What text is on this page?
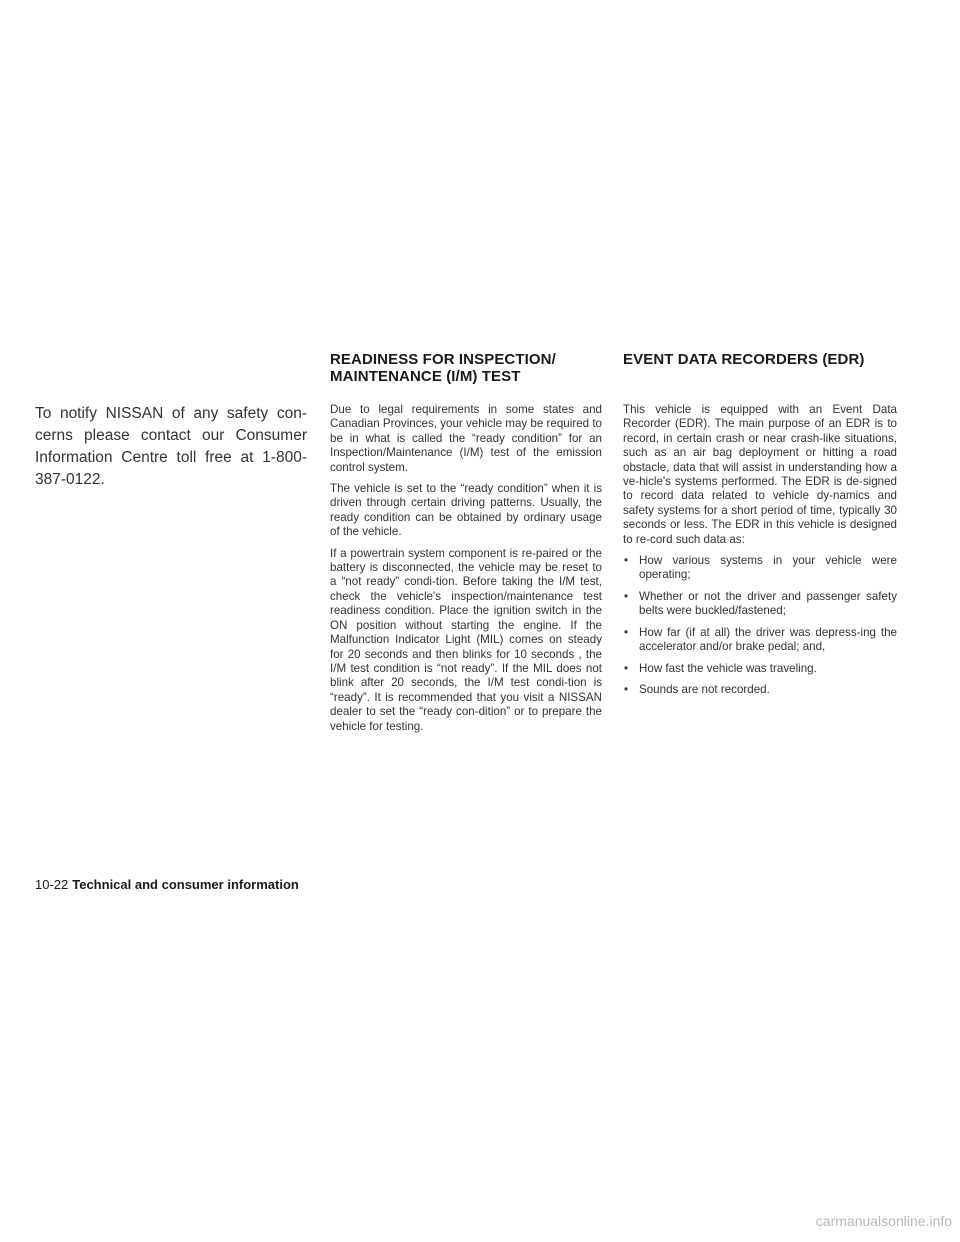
To notify NISSAN of any safety con-cerns please contact our Consumer Information Centre toll free at 1-800-387-0122.

READINESS FOR INSPECTION/
MAINTENANCE (I/M) TEST

Due to legal requirements in some states and Canadian Provinces, your vehicle may be required to be in what is called the “ready condition” for an Inspection/Maintenance (I/M) test of the emission control system.

The vehicle is set to the “ready condition” when it is driven through certain driving patterns. Usually, the ready condition can be obtained by ordinary usage of the vehicle.

If a powertrain system component is re-paired or the battery is disconnected, the vehicle may be reset to a “not ready” condi-tion. Before taking the I/M test, check the vehicle's inspection/maintenance test readiness condition. Place the ignition switch in the ON position without starting the engine. If the Malfunction Indicator Light (MIL) comes on steady for 20 seconds and then blinks for 10 seconds , the I/M test condition is “not ready”. If the MIL does not blink after 20 seconds, the I/M test condi-tion is “ready”. It is recommended that you visit a NISSAN dealer to set the “ready con-dition” or to prepare the vehicle for testing.

EVENT DATA RECORDERS (EDR)

This vehicle is equipped with an Event Data Recorder (EDR). The main purpose of an EDR is to record, in certain crash or near crash-like situations, such as an air bag deployment or hitting a road obstacle, data that will assist in understanding how a ve-hicle's systems performed. The EDR is de-signed to record data related to vehicle dy-namics and safety systems for a short period of time, typically 30 seconds or less. The EDR in this vehicle is designed to re-cord such data as:

• How various systems in your vehicle were operating;
• Whether or not the driver and passenger safety belts were buckled/fastened;
• How far (if at all) the driver was depress-ing the accelerator and/or brake pedal; and,
• How fast the vehicle was traveling.
• Sounds are not recorded.
10-22 Technical and consumer information
carmanualsonline.info
